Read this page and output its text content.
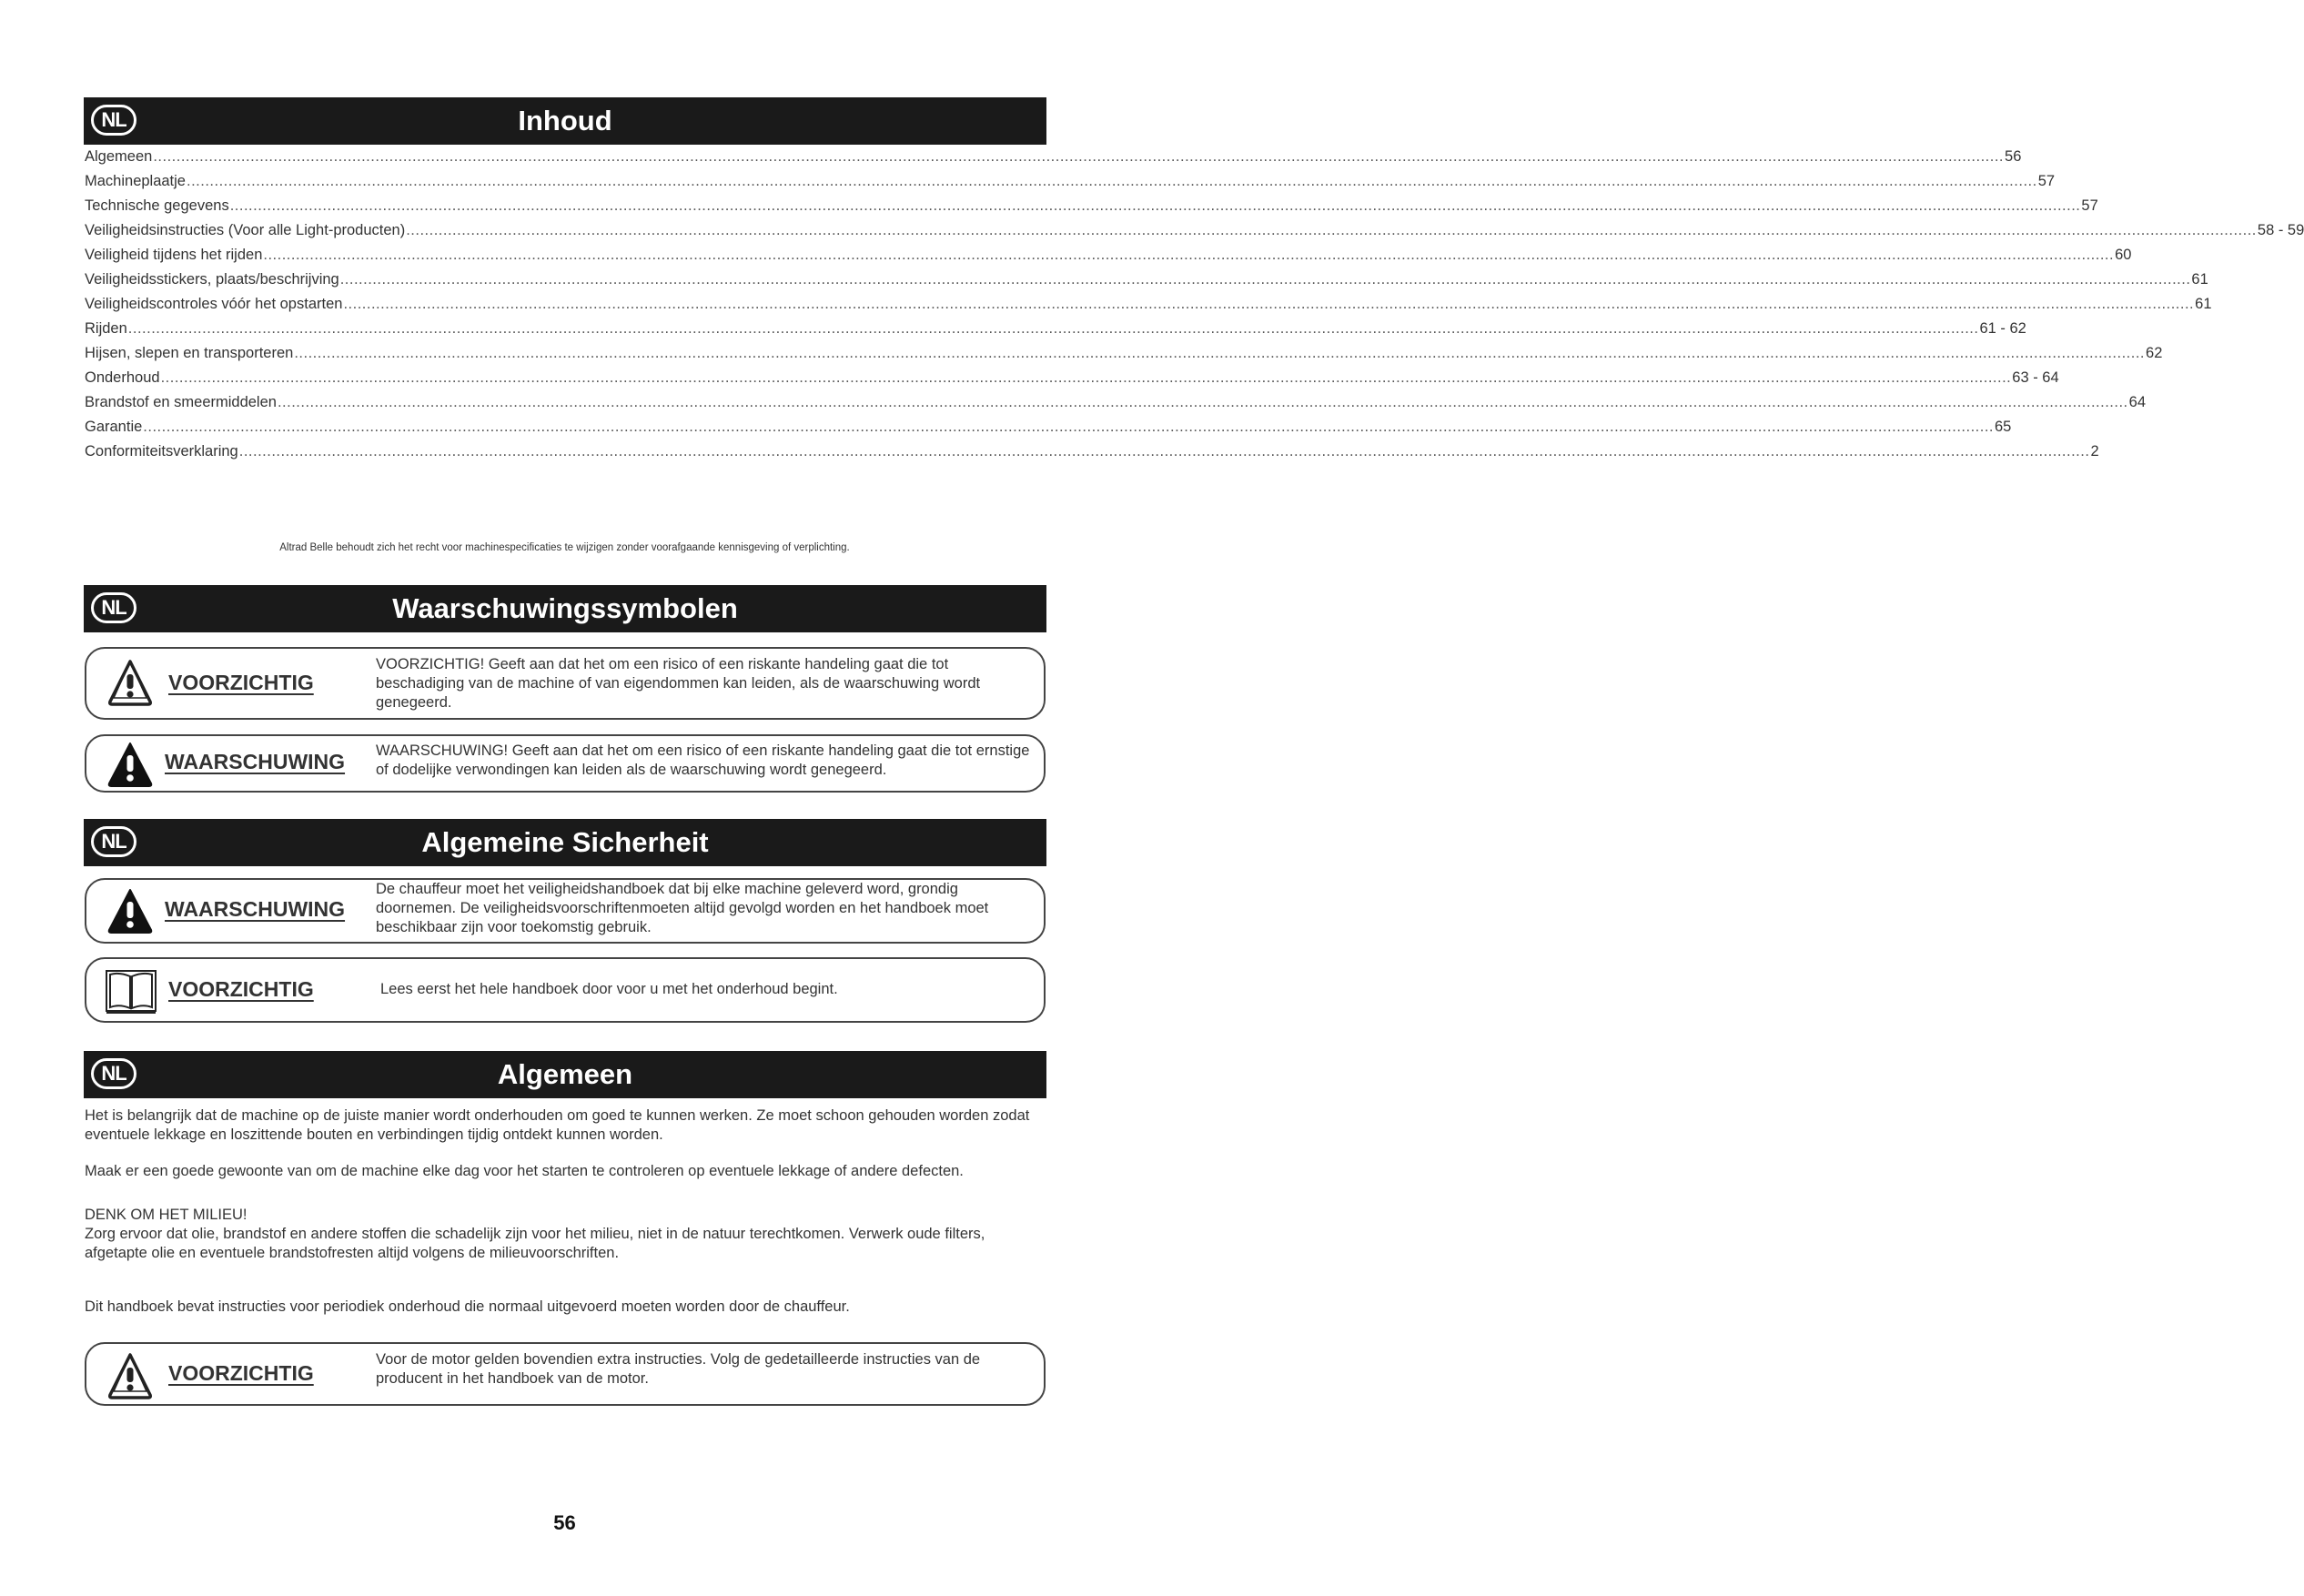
NL	Inhoud
Algemeen ................................................................................................................................................................................................................................................................................................................................................................................................................ 56
Machineplaatje ................................................................................................................................................................................................................................................................................................................................................................................................................ 57
Technische gegevens ................................................................................................................................................................................................................................................................................................................................................................................................................ 57
Veiligheidsinstructies (Voor alle Light-producten) ................................................................................................................................................................................................................................................................................................................................................................................................................ 58 - 59
Veiligheid tijdens het rijden ................................................................................................................................................................................................................................................................................................................................................................................................................ 60
Veiligheidsstickers, plaats/beschrijving ................................................................................................................................................................................................................................................................................................................................................................................................................ 61
Veiligheidscontroles vóór het opstarten ................................................................................................................................................................................................................................................................................................................................................................................................................ 61
Rijden ................................................................................................................................................................................................................................................................................................................................................................................................................ 61 - 62
Hijsen, slepen en transporteren ................................................................................................................................................................................................................................................................................................................................................................................................................ 62
Onderhoud ................................................................................................................................................................................................................................................................................................................................................................................................................ 63 - 64
Brandstof en smeermiddelen ................................................................................................................................................................................................................................................................................................................................................................................................................ 64
Garantie ................................................................................................................................................................................................................................................................................................................................................................................................................ 65
Conformiteitsverklaring ................................................................................................................................................................................................................................................................................................................................................................................................................ 2
Altrad Belle behoudt zich het recht voor machinespecificaties te wijzigen zonder voorafgaande kennisgeving of verplichting.
NL	Waarschuwingssymbolen
VOORZICHTIG
VOORZICHTIG! Geeft aan dat het om een risico of een riskante handeling gaat die tot beschadiging van de machine of van eigendommen kan leiden, als de waarschuwing wordt genegeerd.
WAARSCHUWING WAARSCHUWING! Geeft aan dat het om een risico of een riskante handeling gaat die tot ernstige of dodelijke verwondingen kan leiden als de waarschuwing wordt genegeerd.
NL	Algemeine Sicherheit
WAARSCHUWING
De chauffeur moet het veiligheidshandboek dat bij elke machine geleverd word, grondig doornemen. De veiligheidsvoorschriftenmoeten altijd gevolgd worden en het handboek moet beschikbaar zijn voor toekomstig gebruik.
VOORZICHTIG	Lees eerst het hele handboek door voor u met het onderhoud begint.
NL	Algemeen
Het is belangrijk dat de machine op de juiste manier wordt onderhouden om goed te kunnen werken. Ze moet schoon gehouden worden zodat eventuele lekkage en loszittende bouten en verbindingen tijdig ontdekt kunnen worden.
Maak er een goede gewoonte van om de machine elke dag voor het starten te controleren op eventuele lekkage of andere defecten.
DENK OM HET MILIEU!
Zorg ervoor dat olie, brandstof en andere stoffen die schadelijk zijn voor het milieu, niet in de natuur terechtkomen. Verwerk oude filters,
afgetapte olie en eventuele brandstofresten altijd volgens de milieuvoorschriften.
Dit handboek bevat instructies voor periodiek onderhoud die normaal uitgevoerd moeten worden door de chauffeur.
VOORZICHTIG
Voor de motor gelden bovendien extra instructies. Volg de gedetailleerde instructies van de producent in het handboek van de motor.
56
